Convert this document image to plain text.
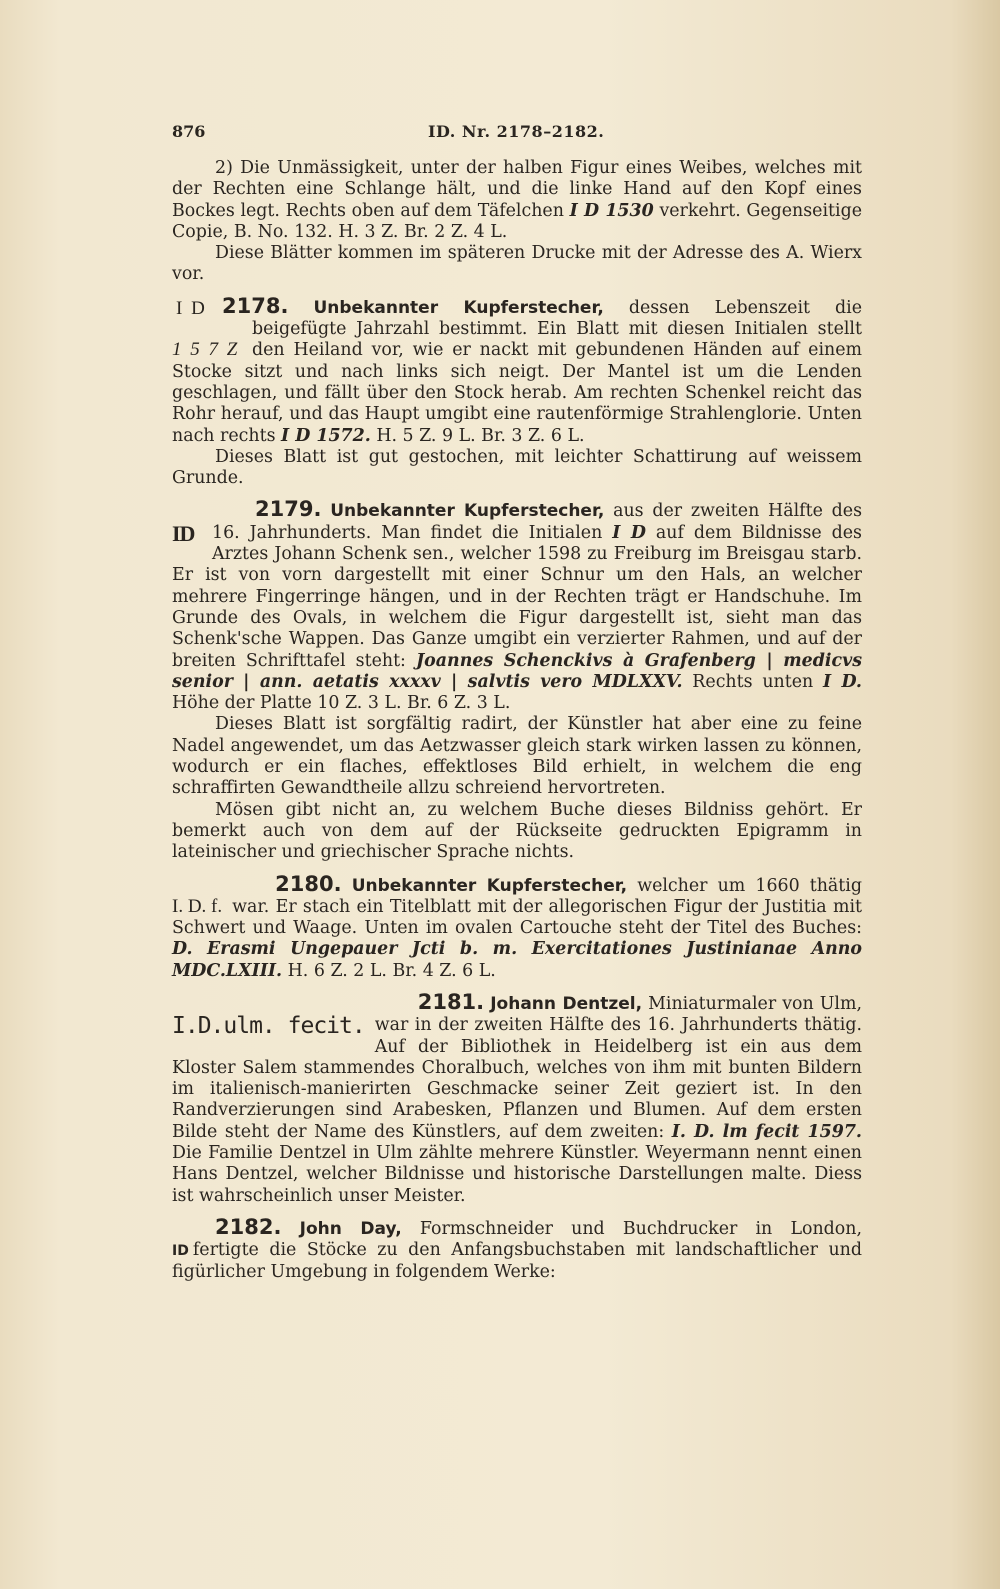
876	ID. Nr. 2178–2182.

2) Die Unmässigkeit, unter der halben Figur eines Weibes, welches mit der Rechten eine Schlange hält, und die linke Hand auf den Kopf eines Bockes legt. Rechts oben auf dem Täfelchen I D 1530 verkehrt. Gegenseitige Copie, B. No. 132. H. 3 Z. Br. 2 Z. 4 L.

Diese Blätter kommen im späteren Drucke mit der Adresse des A. Wierx vor.

I D
1 5 7 Z

2178. Unbekannter Kupferstecher, dessen Lebenszeit die beigefügte Jahrzahl bestimmt. Ein Blatt mit diesen Initialen stellt den Heiland vor, wie er nackt mit gebundenen Händen auf einem Stocke sitzt und nach links sich neigt. Der Mantel ist um die Lenden geschlagen, und fällt über den Stock herab. Am rechten Schenkel reicht das Rohr herauf, und das Haupt umgibt eine rautenförmige Strahlenglorie. Unten nach rechts I D 1572. H. 5 Z. 9 L. Br. 3 Z. 6 L.

Dieses Blatt ist gut gestochen, mit leichter Schattirung auf weissem Grunde.

ID

2179. Unbekannter Kupferstecher, aus der zweiten Hälfte des 16. Jahrhunderts. Man findet die Initialen I D auf dem Bildnisse des Arztes Johann Schenk sen., welcher 1598 zu Freiburg im Breisgau starb. Er ist von vorn dargestellt mit einer Schnur um den Hals, an welcher mehrere Fingerringe hängen, und in der Rechten trägt er Handschuhe. Im Grunde des Ovals, in welchem die Figur dargestellt ist, sieht man das Schenk'sche Wappen. Das Ganze umgibt ein verzierter Rahmen, und auf der breiten Schrifttafel steht: Joannes Schenckivs à Grafenberg | medicvs senior | ann. aetatis xxxxv | salvtis vero MDLXXV. Rechts unten I D. Höhe der Platte 10 Z. 3 L. Br. 6 Z. 3 L.

Dieses Blatt ist sorgfältig radirt, der Künstler hat aber eine zu feine Nadel angewendet, um das Aetzwasser gleich stark wirken lassen zu können, wodurch er ein flaches, effektloses Bild erhielt, in welchem die eng schraffirten Gewandtheile allzu schreiend hervortreten.

Mösen gibt nicht an, zu welchem Buche dieses Bildniss gehört. Er bemerkt auch von dem auf der Rückseite gedruckten Epigramm in lateinischer und griechischer Sprache nichts.

I. D. f.

2180. Unbekannter Kupferstecher, welcher um 1660 thätig war. Er stach ein Titelblatt mit der allegorischen Figur der Justitia mit Schwert und Waage. Unten im ovalen Cartouche steht der Titel des Buches: D. Erasmi Ungepauer Jcti b. m. Exercitationes Justinianae Anno MDC.LXIII. H. 6 Z. 2 L. Br. 4 Z. 6 L.

I.D.ulm. fecit.

2181. Johann Dentzel, Miniaturmaler von Ulm, war in der zweiten Hälfte des 16. Jahrhunderts thätig. Auf der Bibliothek in Heidelberg ist ein aus dem Kloster Salem stammendes Choralbuch, welches von ihm mit bunten Bildern im italienisch-manierirten Geschmacke seiner Zeit geziert ist. In den Randverzierungen sind Arabesken, Pflanzen und Blumen. Auf dem ersten Bilde steht der Name des Künstlers, auf dem zweiten: I. D. lm fecit 1597. Die Familie Dentzel in Ulm zählte mehrere Künstler. Weyermann nennt einen Hans Dentzel, welcher Bildnisse und historische Darstellungen malte. Diess ist wahrscheinlich unser Meister.

2182. John Day, Formschneider und Buchdrucker in London, ID fertigte die Stöcke zu den Anfangsbuchstaben mit landschaftlicher und figürlicher Umgebung in folgendem Werke:
